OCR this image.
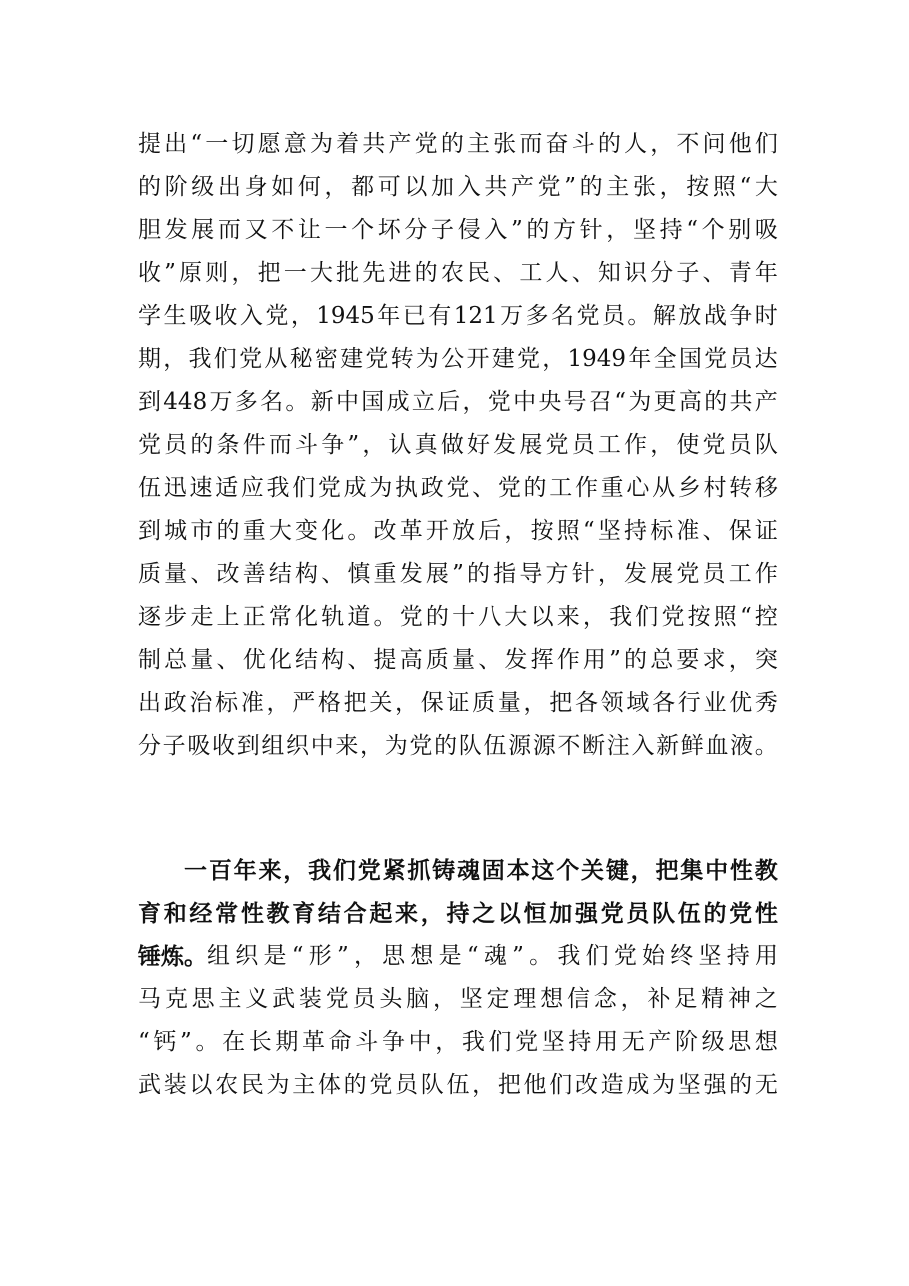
提 出 “ 一 切 愿 意 为 着 共 产 党 的 主 张 而 奋 斗 的 人 ， 不 问 他 们
的 阶 级 出 身 如 何 ， 都 可 以 加 入 共 产 党 ” 的 主 张 ， 按 照 “ 大
胆 发 展 而 又 不 让 一 个 坏 分 子 侵 入 ” 的 方 针 ， 坚 持 “ 个 别 吸
收 ” 原 则 ， 把 一 大 批 先 进 的 农 民 、 工 人 、 知 识 分 子 、 青 年
学 生 吸 收 入 党 ， 1945 年 已 有 121 万 多 名 党 员 。 解 放 战 争 时
期 ， 我 们 党 从 秘 密 建 党 转 为 公 开 建 党 ， 1949 年 全 国 党 员 达
到 448 万 多 名 。 新 中 国 成 立 后 ， 党 中 央 号 召 “ 为 更 高 的 共 产
党 员 的 条 件 而 斗 争 ” ， 认 真 做 好 发 展 党 员 工 作 ， 使 党 员 队
伍 迅 速 适 应 我 们 党 成 为 执 政 党 、 党 的 工 作 重 心 从 乡 村 转 移
到 城 市 的 重 大 变 化 。 改 革 开 放 后 ， 按 照 “ 坚 持 标 准 、 保 证
质 量 、 改 善 结 构 、 慎 重 发 展 ” 的 指 导 方 针 ， 发 展 党 员 工 作
逐 步 走 上 正 常 化 轨 道 。 党 的 十 八 大 以 来 ， 我 们 党 按 照 “ 控
制 总 量 、 优 化 结 构 、 提 高 质 量 、 发 挥 作 用 ” 的 总 要 求 ， 突
出 政 治 标 准 ， 严 格 把 关 ， 保 证 质 量 ， 把 各 领 域 各 行 业 优 秀
分 子 吸 收 到 组 织 中 来 ， 为 党 的 队 伍 源 源 不 断 注 入 新 鲜 血 液 。
一 百 年 来 ， 我 们 党 紧 抓 铸 魂 固 本 这 个 关 键 ， 把 集 中 性 教
育 和 经 常 性 教 育 结 合 起 来 ， 持 之 以 恒 加 强 党 员 队 伍 的 党 性
锤炼。 组 织 是 “ 形 ” ， 思 想 是 “ 魂 ” 。 我 们 党 始 终 坚 持 用
马 克 思 主 义 武 装 党 员 头 脑 ， 坚 定 理 想 信 念 ， 补 足 精 神 之
“ 钙 ” 。 在 长 期 革 命 斗 争 中 ， 我 们 党 坚 持 用 无 产 阶 级 思 想
武 装 以 农 民 为 主 体 的 党 员 队 伍 ， 把 他 们 改 造 成 为 坚 强 的 无
